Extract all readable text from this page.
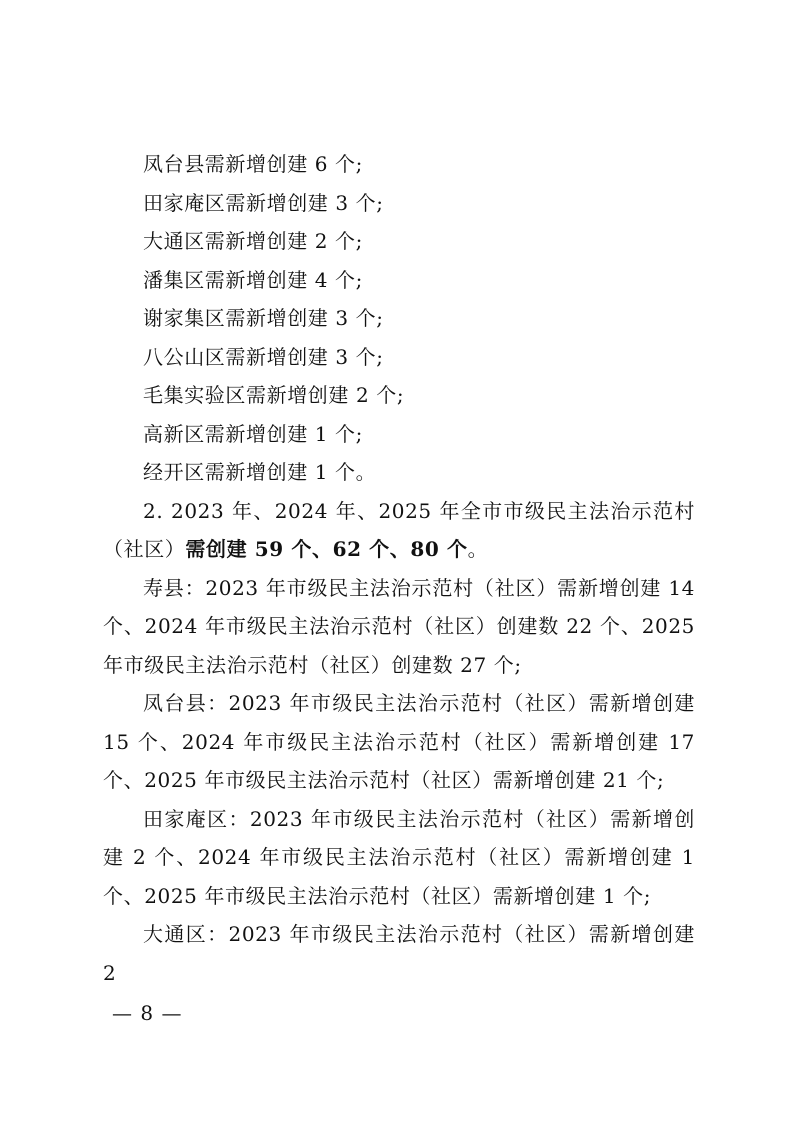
凤台县需新增创建 6 个;

田家庵区需新增创建 3 个;

大通区需新增创建 2 个;

潘集区需新增创建 4 个;

谢家集区需新增创建 3 个;

八公山区需新增创建 3 个;

毛集实验区需新增创建 2 个;

高新区需新增创建 1 个;

经开区需新增创建 1 个。

2. 2023 年、2024 年、2025 年全市市级民主法治示范村（社区）需创建 59 个、62 个、80 个。

寿县：2023 年市级民主法治示范村（社区）需新增创建 14 个、2024 年市级民主法治示范村（社区）创建数 22 个、2025 年市级民主法治示范村（社区）创建数 27 个;

凤台县：2023 年市级民主法治示范村（社区）需新增创建 15 个、2024 年市级民主法治示范村（社区）需新增创建 17 个、2025 年市级民主法治示范村（社区）需新增创建 21 个;

田家庵区：2023 年市级民主法治示范村（社区）需新增创建 2 个、2024 年市级民主法治示范村（社区）需新增创建 1 个、2025 年市级民主法治示范村（社区）需新增创建 1 个;

大通区：2023 年市级民主法治示范村（社区）需新增创建 2

— 8 —
